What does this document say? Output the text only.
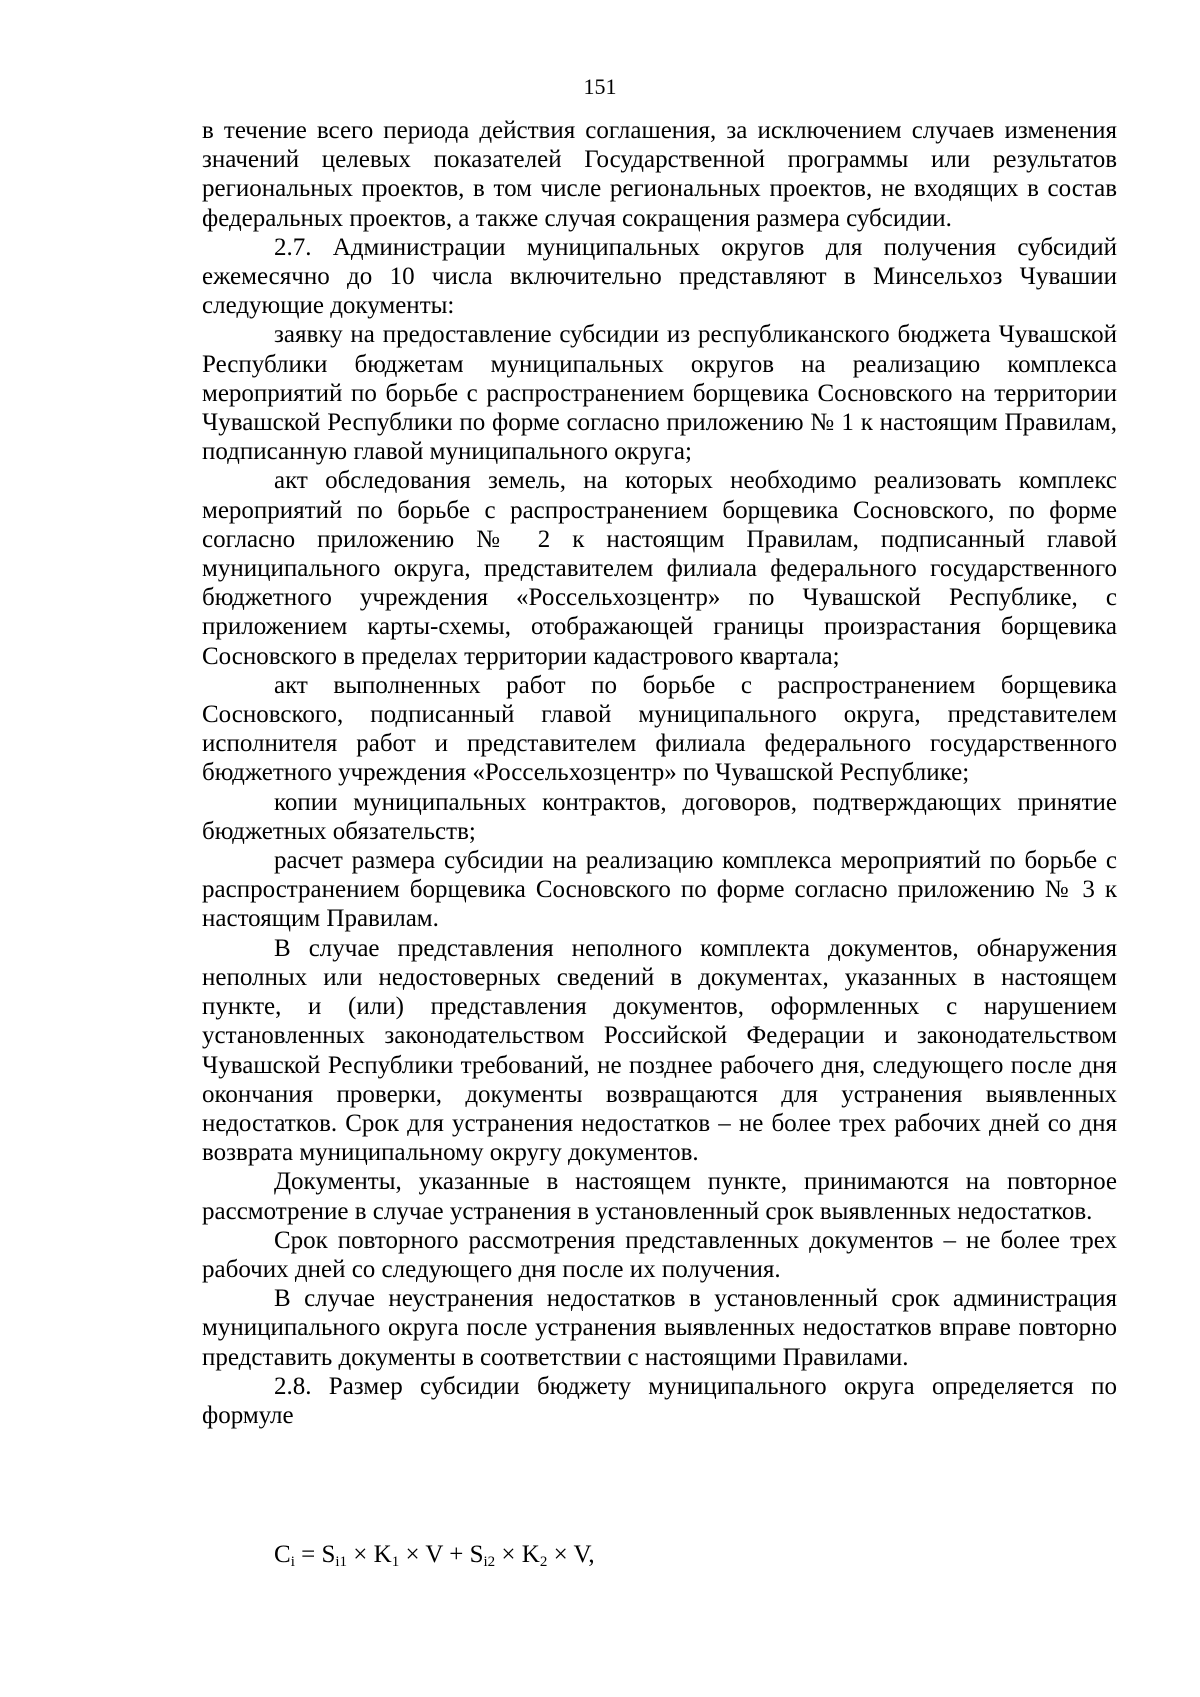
151

в течение всего периода действия соглашения, за исключением случаев изменения значений целевых показателей Государственной программы или результатов региональных проектов, в том числе региональных проектов, не входящих в состав федеральных проектов, а также случая сокращения размера субсидии.

2.7. Администрации муниципальных округов для получения субсидий ежемесячно до 10 числа включительно представляют в Минсельхоз Чувашии следующие документы:

заявку на предоставление субсидии из республиканского бюджета Чувашской Республики бюджетам муниципальных округов на реализацию комплекса мероприятий по борьбе с распространением борщевика Сосновского на территории Чувашской Республики по форме согласно приложению № 1 к настоящим Правилам, подписанную главой муниципального округа;

акт обследования земель, на которых необходимо реализовать комплекс мероприятий по борьбе с распространением борщевика Сосновского, по форме согласно приложению № 2 к настоящим Правилам, подписанный главой муниципального округа, представителем филиала федерального государственного бюджетного учреждения «Россельхозцентр» по Чувашской Республике, с приложением карты-схемы, отображающей границы произрастания борщевика Сосновского в пределах территории кадастрового квартала;

акт выполненных работ по борьбе с распространением борщевика Сосновского, подписанный главой муниципального округа, представителем исполнителя работ и представителем филиала федерального государственного бюджетного учреждения «Россельхозцентр» по Чувашской Республике;

копии муниципальных контрактов, договоров, подтверждающих принятие бюджетных обязательств;

расчет размера субсидии на реализацию комплекса мероприятий по борьбе с распространением борщевика Сосновского по форме согласно приложению № 3 к настоящим Правилам.

В случае представления неполного комплекта документов, обнаружения неполных или недостоверных сведений в документах, указанных в настоящем пункте, и (или) представления документов, оформленных с нарушением установленных законодательством Российской Федерации и законодательством Чувашской Республики требований, не позднее рабочего дня, следующего после дня окончания проверки, документы возвращаются для устранения выявленных недостатков. Срок для устранения недостатков – не более трех рабочих дней со дня возврата муниципальному округу документов.

Документы, указанные в настоящем пункте, принимаются на повторное рассмотрение в случае устранения в установленный срок выявленных недостатков.

Срок повторного рассмотрения представленных документов – не более трех рабочих дней со следующего дня после их получения.

В случае неустранения недостатков в установленный срок администрация муниципального округа после устранения выявленных недостатков вправе повторно представить документы в соответствии с настоящими Правилами.

2.8. Размер субсидии бюджету муниципального округа определяется по формуле

$C_i = S_{i1} \times K_1 \times V + S_{i2} \times K_2 \times V$,
